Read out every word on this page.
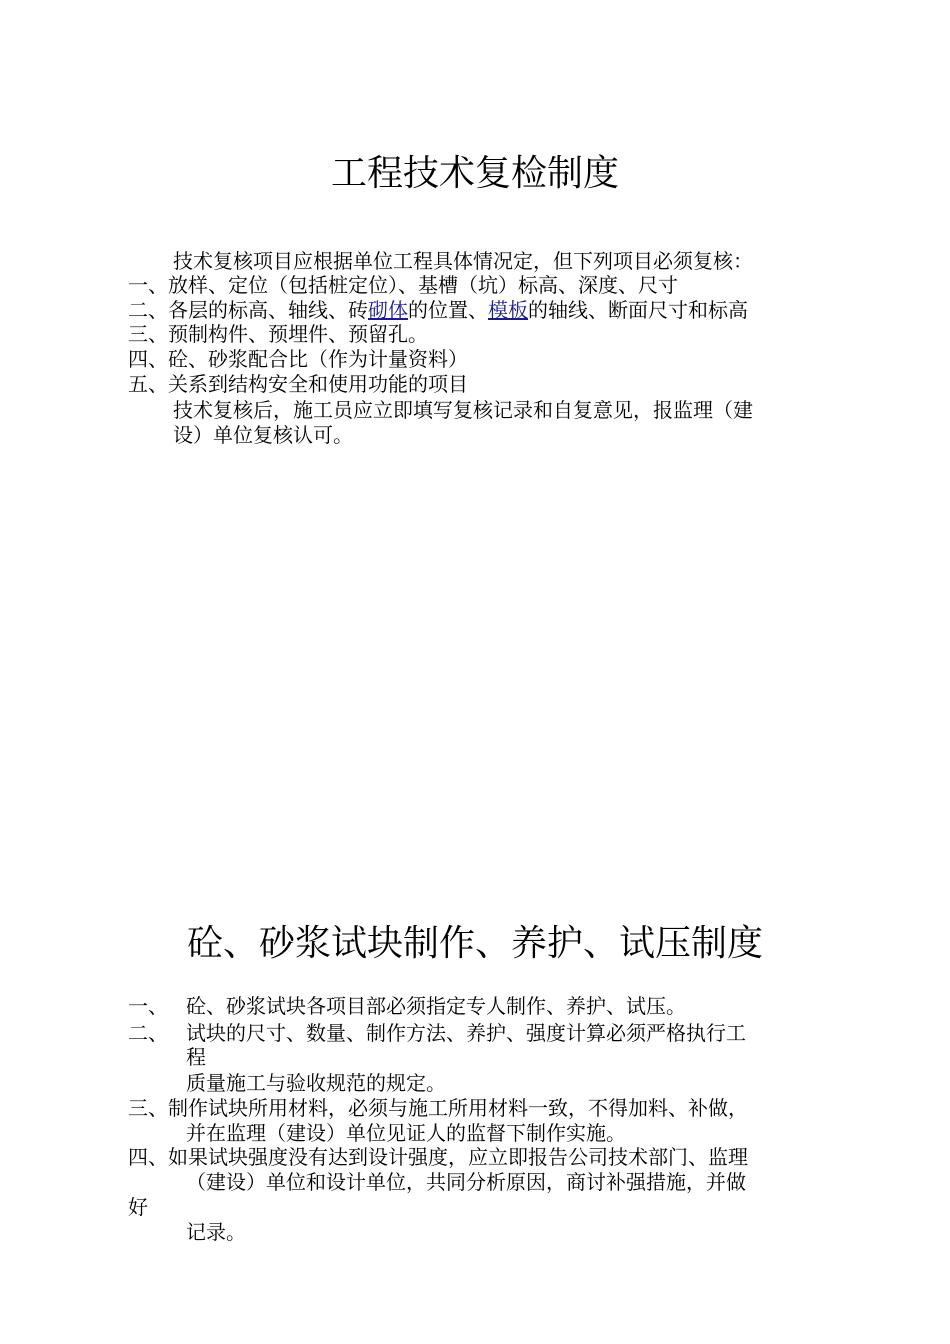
工程技术复检制度

技术复核项目应根据单位工程具体情况定，但下列项目必须复核：

一、放样、定位（包括桩定位）、基槽（坑）标高、深度、尺寸

二、各层的标高、轴线、砖砌体的位置、模板的轴线、断面尺寸和标高

三、预制构件、预埋件、预留孔。

四、砼、砂浆配合比（作为计量资料）

五、关系到结构安全和使用功能的项目

技术复核后，施工员应立即填写复核记录和自复意见，报监理（建

设）单位复核认可。

砼、砂浆试块制作、养护、试压制度

一、 砼、砂浆试块各项目部必须指定专人制作、养护、试压。

二、 试块的尺寸、数量、制作方法、养护、强度计算必须严格执行工

程

质量施工与验收规范的规定。

三、制作试块所用材料，必须与施工所用材料一致，不得加料、补做，

并在监理（建设）单位见证人的监督下制作实施。

四、如果试块强度没有达到设计强度，应立即报告公司技术部门、监理

（建设）单位和设计单位，共同分析原因，商讨补强措施，并做

好

记录。
